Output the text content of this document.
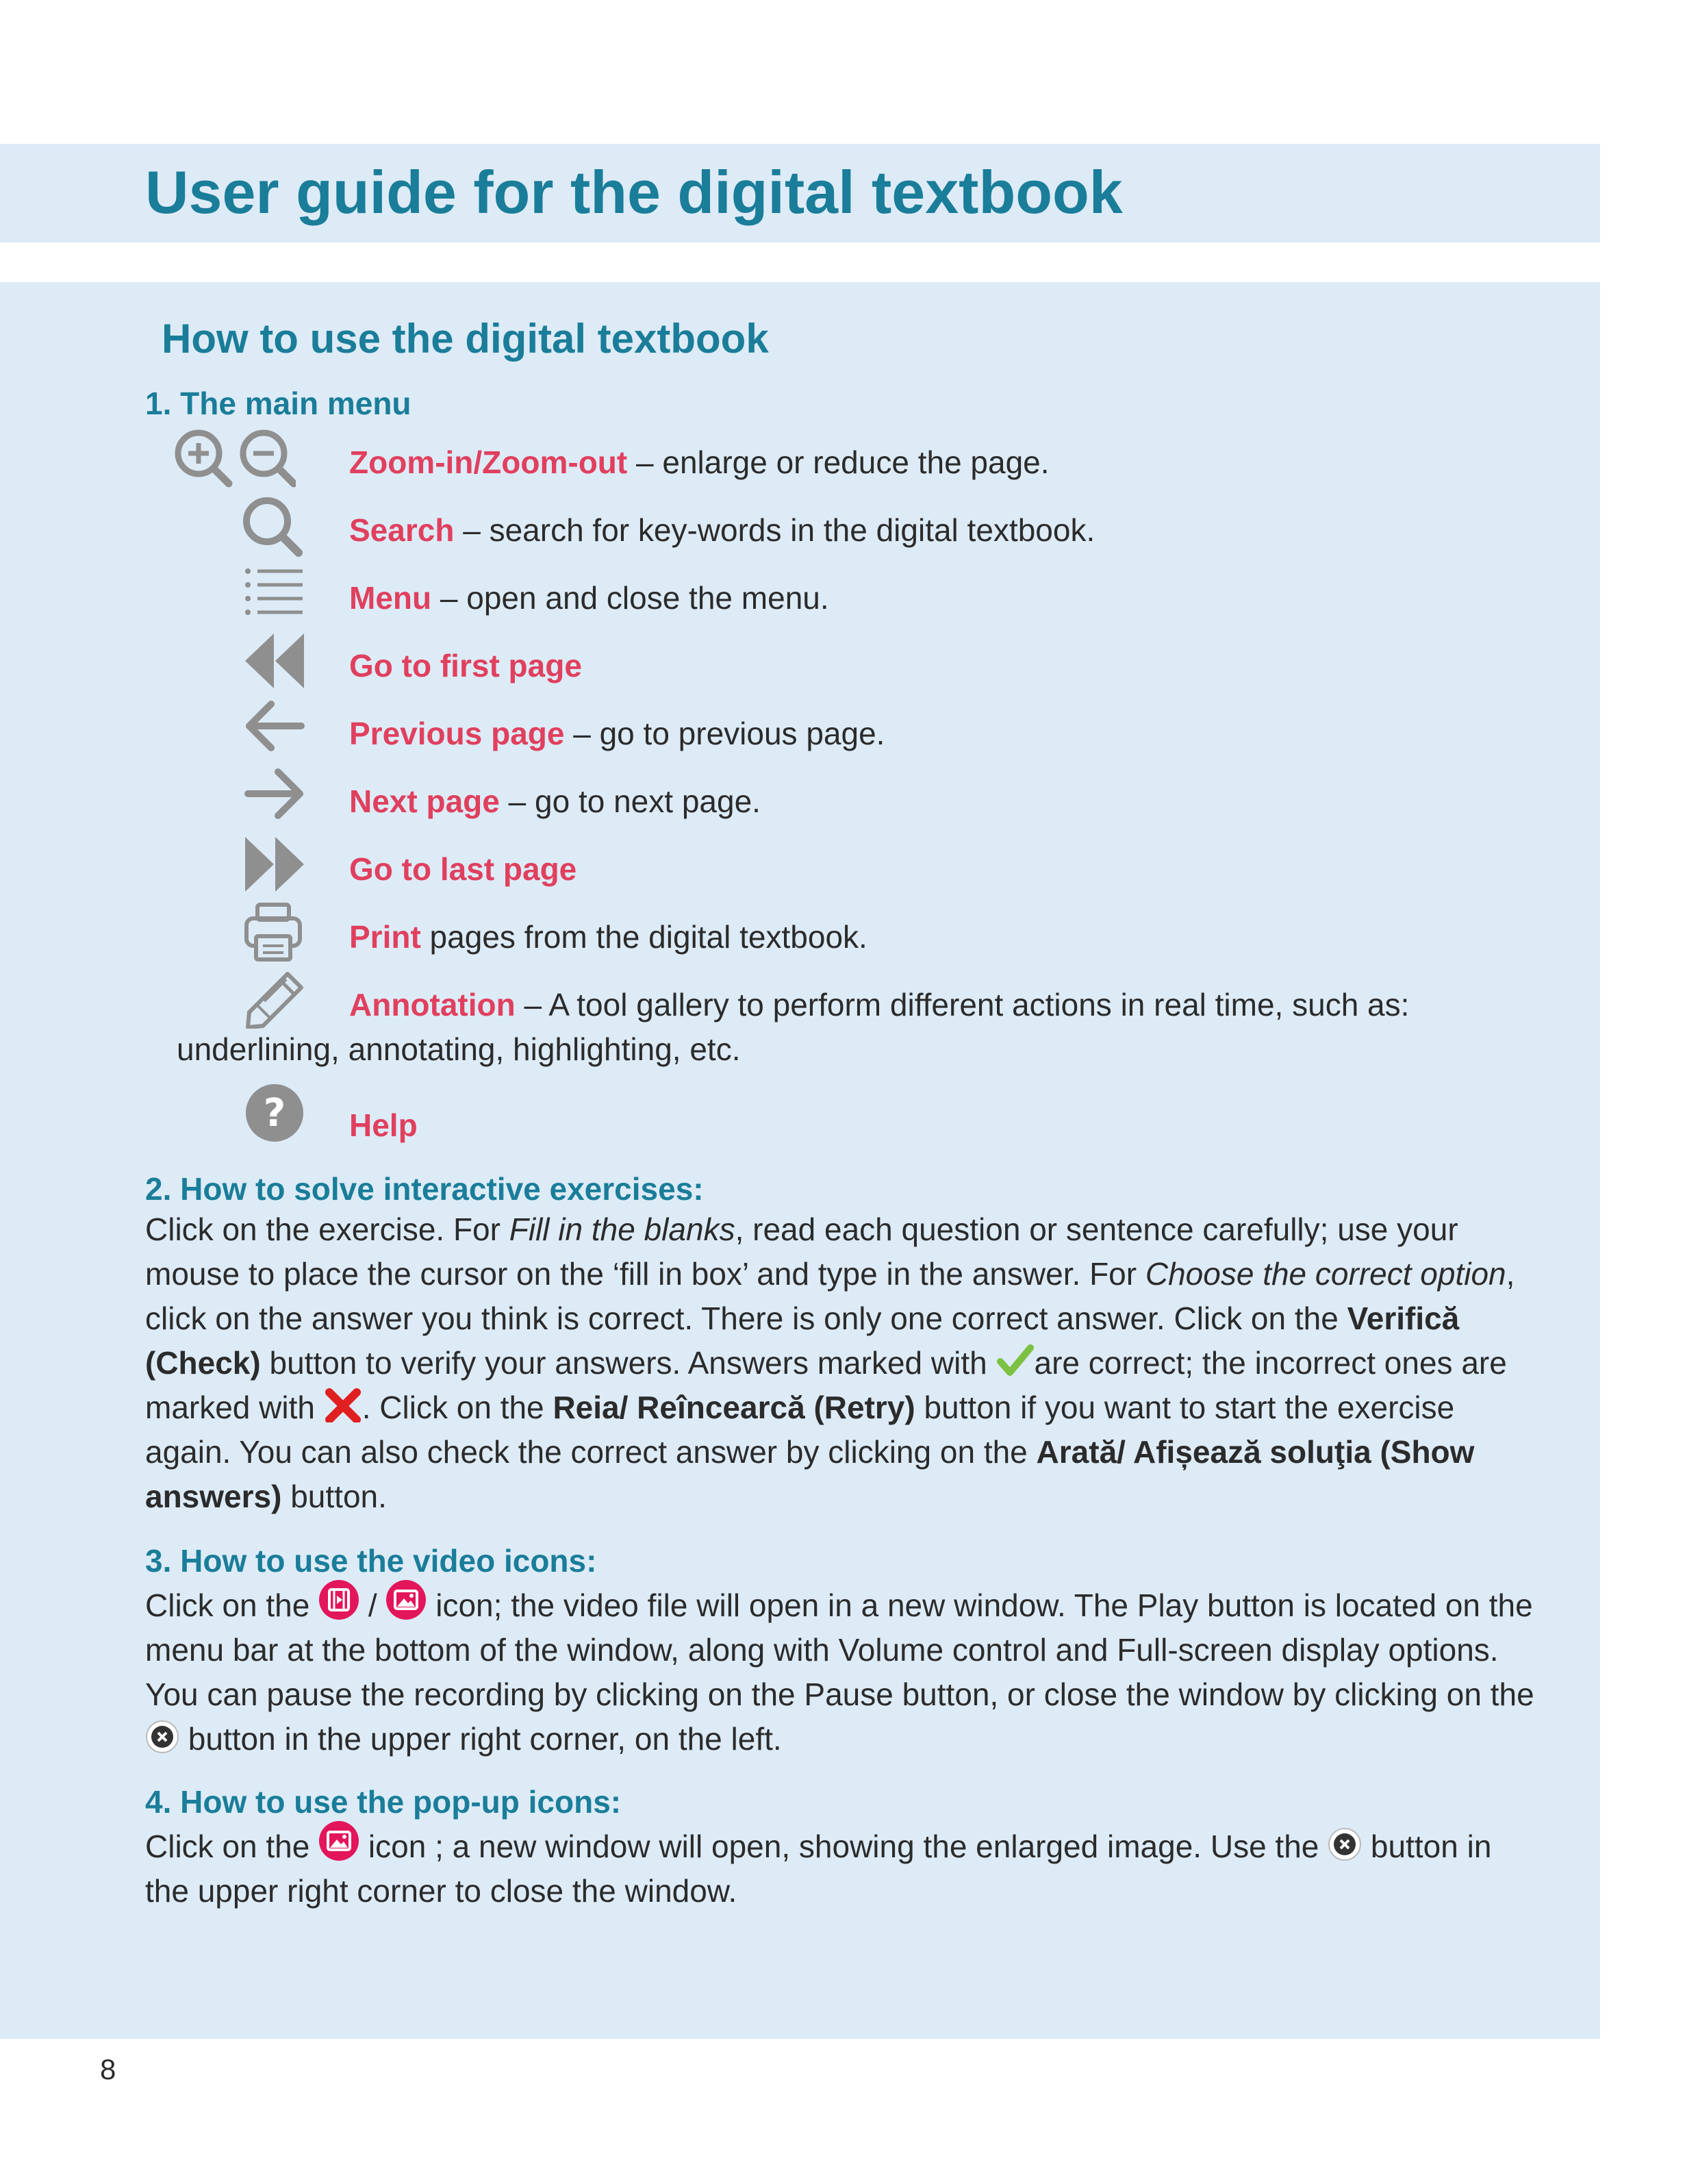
User guide for the digital textbook
How to use the digital textbook
1. The main menu
Zoom-in/Zoom-out – enlarge or reduce the page.
Search – search for key-words in the digital textbook.
Menu – open and close the menu.
Go to first page
Previous page – go to previous page.
Next page – go to next page.
Go to last page
Print pages from the digital textbook.
Annotation – A tool gallery to perform different actions in real time, such as:
underlining, annotating, highlighting, etc.
? Help
2. How to solve interactive exercises:
Click on the exercise. For Fill in the blanks, read each question or sentence carefully; use your mouse to place the cursor on the ‘fill in box’ and type in the answer. For Choose the correct option, click on the answer you think is correct. There is only one correct answer. Click on the Verifică (Check) button to verify your answers. Answers marked with are correct; the incorrect ones are marked with . Click on the Reia/ Reîncearcă (Retry) button if you want to start the exercise again. You can also check the correct answer by clicking on the Arată/ Afișează soluţia (Show answers) button.
3. How to use the video icons:
Click on the  /  icon; the video file will open in a new window. The Play button is located on the menu bar at the bottom of the window, along with Volume control and Full-screen display options. You can pause the recording by clicking on the Pause button, or close the window by clicking on the  button in the upper right corner, on the left.
4. How to use the pop-up icons:
Click on the  icon ; a new window will open, showing the enlarged image. Use the  button in the upper right corner to close the window.
8
